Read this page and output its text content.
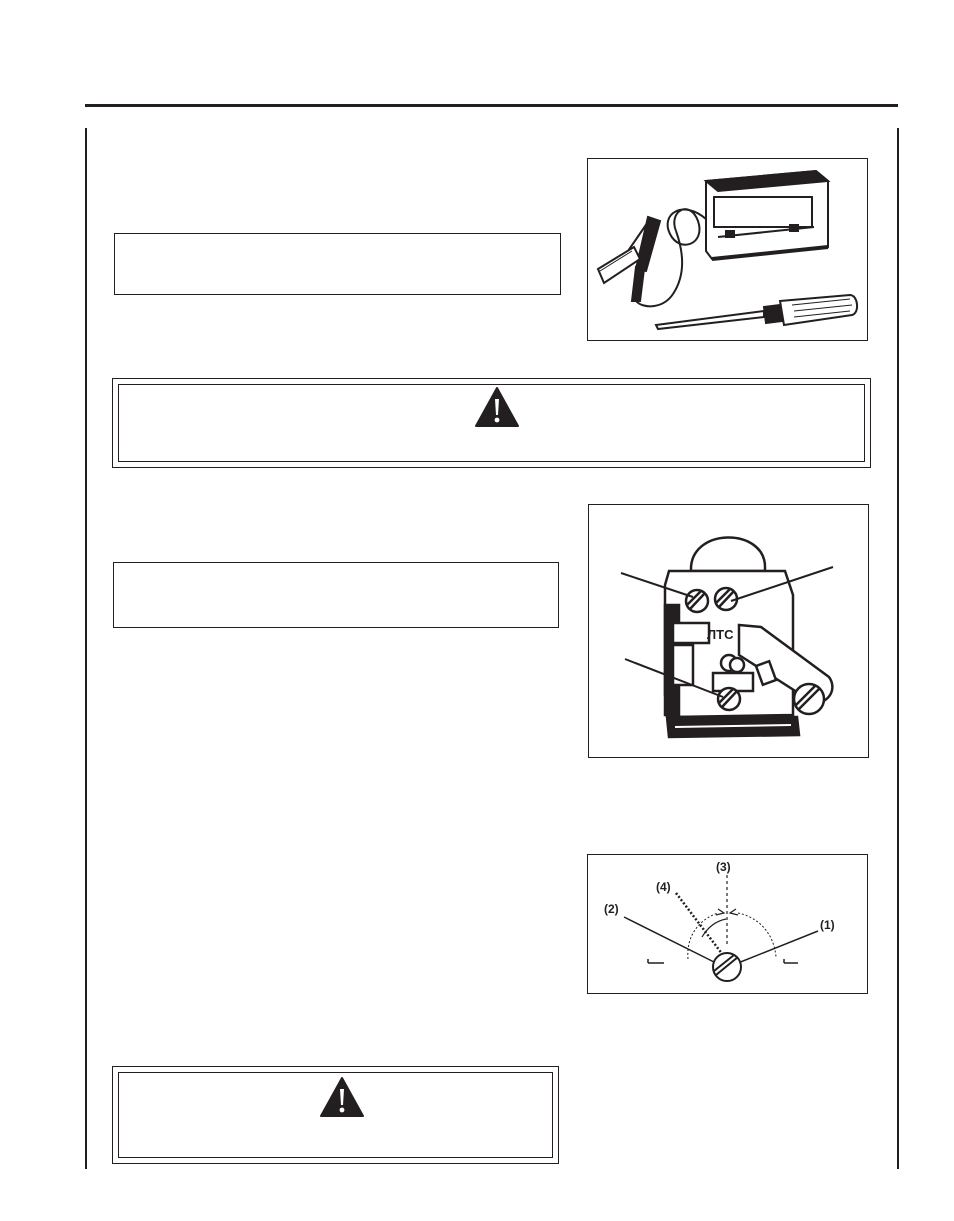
ЛТС
(3)
(4)
(2)
(1)
